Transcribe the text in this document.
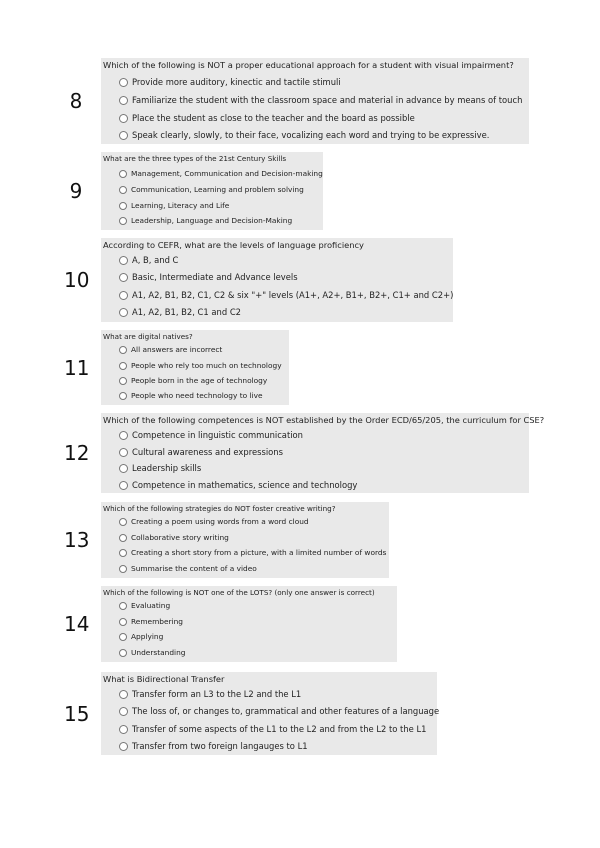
8
Which of the following is NOT a proper educational approach for a student with visual impairment?
Provide more auditory, kinectic and tactile stimuli
Familiarize the student with the classroom space and material in advance by means of touch
Place the student as close to the teacher and the board as possible
Speak clearly, slowly, to their face, vocalizing each word and trying to be expressive.
9
What are the three types of the 21st Century Skills
Management, Communication and Decision-making
Communication, Learning and problem solving
Learning, Literacy and Life
Leadership, Language and Decision-Making
10
According to CEFR, what are the levels of language proficiency
A, B, and C
Basic, Intermediate and Advance levels
A1, A2, B1, B2, C1, C2 & six "+" levels (A1+, A2+, B1+, B2+, C1+ and C2+)
A1, A2, B1, B2, C1 and C2
11
What are digital natives?
All answers are incorrect
People who rely too much on technology
People born in the age of technology
People who need technology to live
12
Which of the following competences is NOT established by the Order ECD/65/205, the curriculum for CSE?
Competence in linguistic communication
Cultural awareness and expressions
Leadership skills
Competence in mathematics, science and technology
13
Which of the following strategies do NOT foster creative writing?
Creating a poem using words from a word cloud
Collaborative story writing
Creating a short story from a picture, with a limited number of words
Summarise the content of a video
14
Which of the following is NOT one of the LOTS? (only one answer is correct)
Evaluating
Remembering
Applying
Understanding
15
What is Bidirectional Transfer
Transfer form an L3 to the L2 and the L1
The loss of, or changes to, grammatical and other features of a language
Transfer of some aspects of the L1 to the L2 and from the L2 to the L1
Transfer from two foreign langauges to L1
